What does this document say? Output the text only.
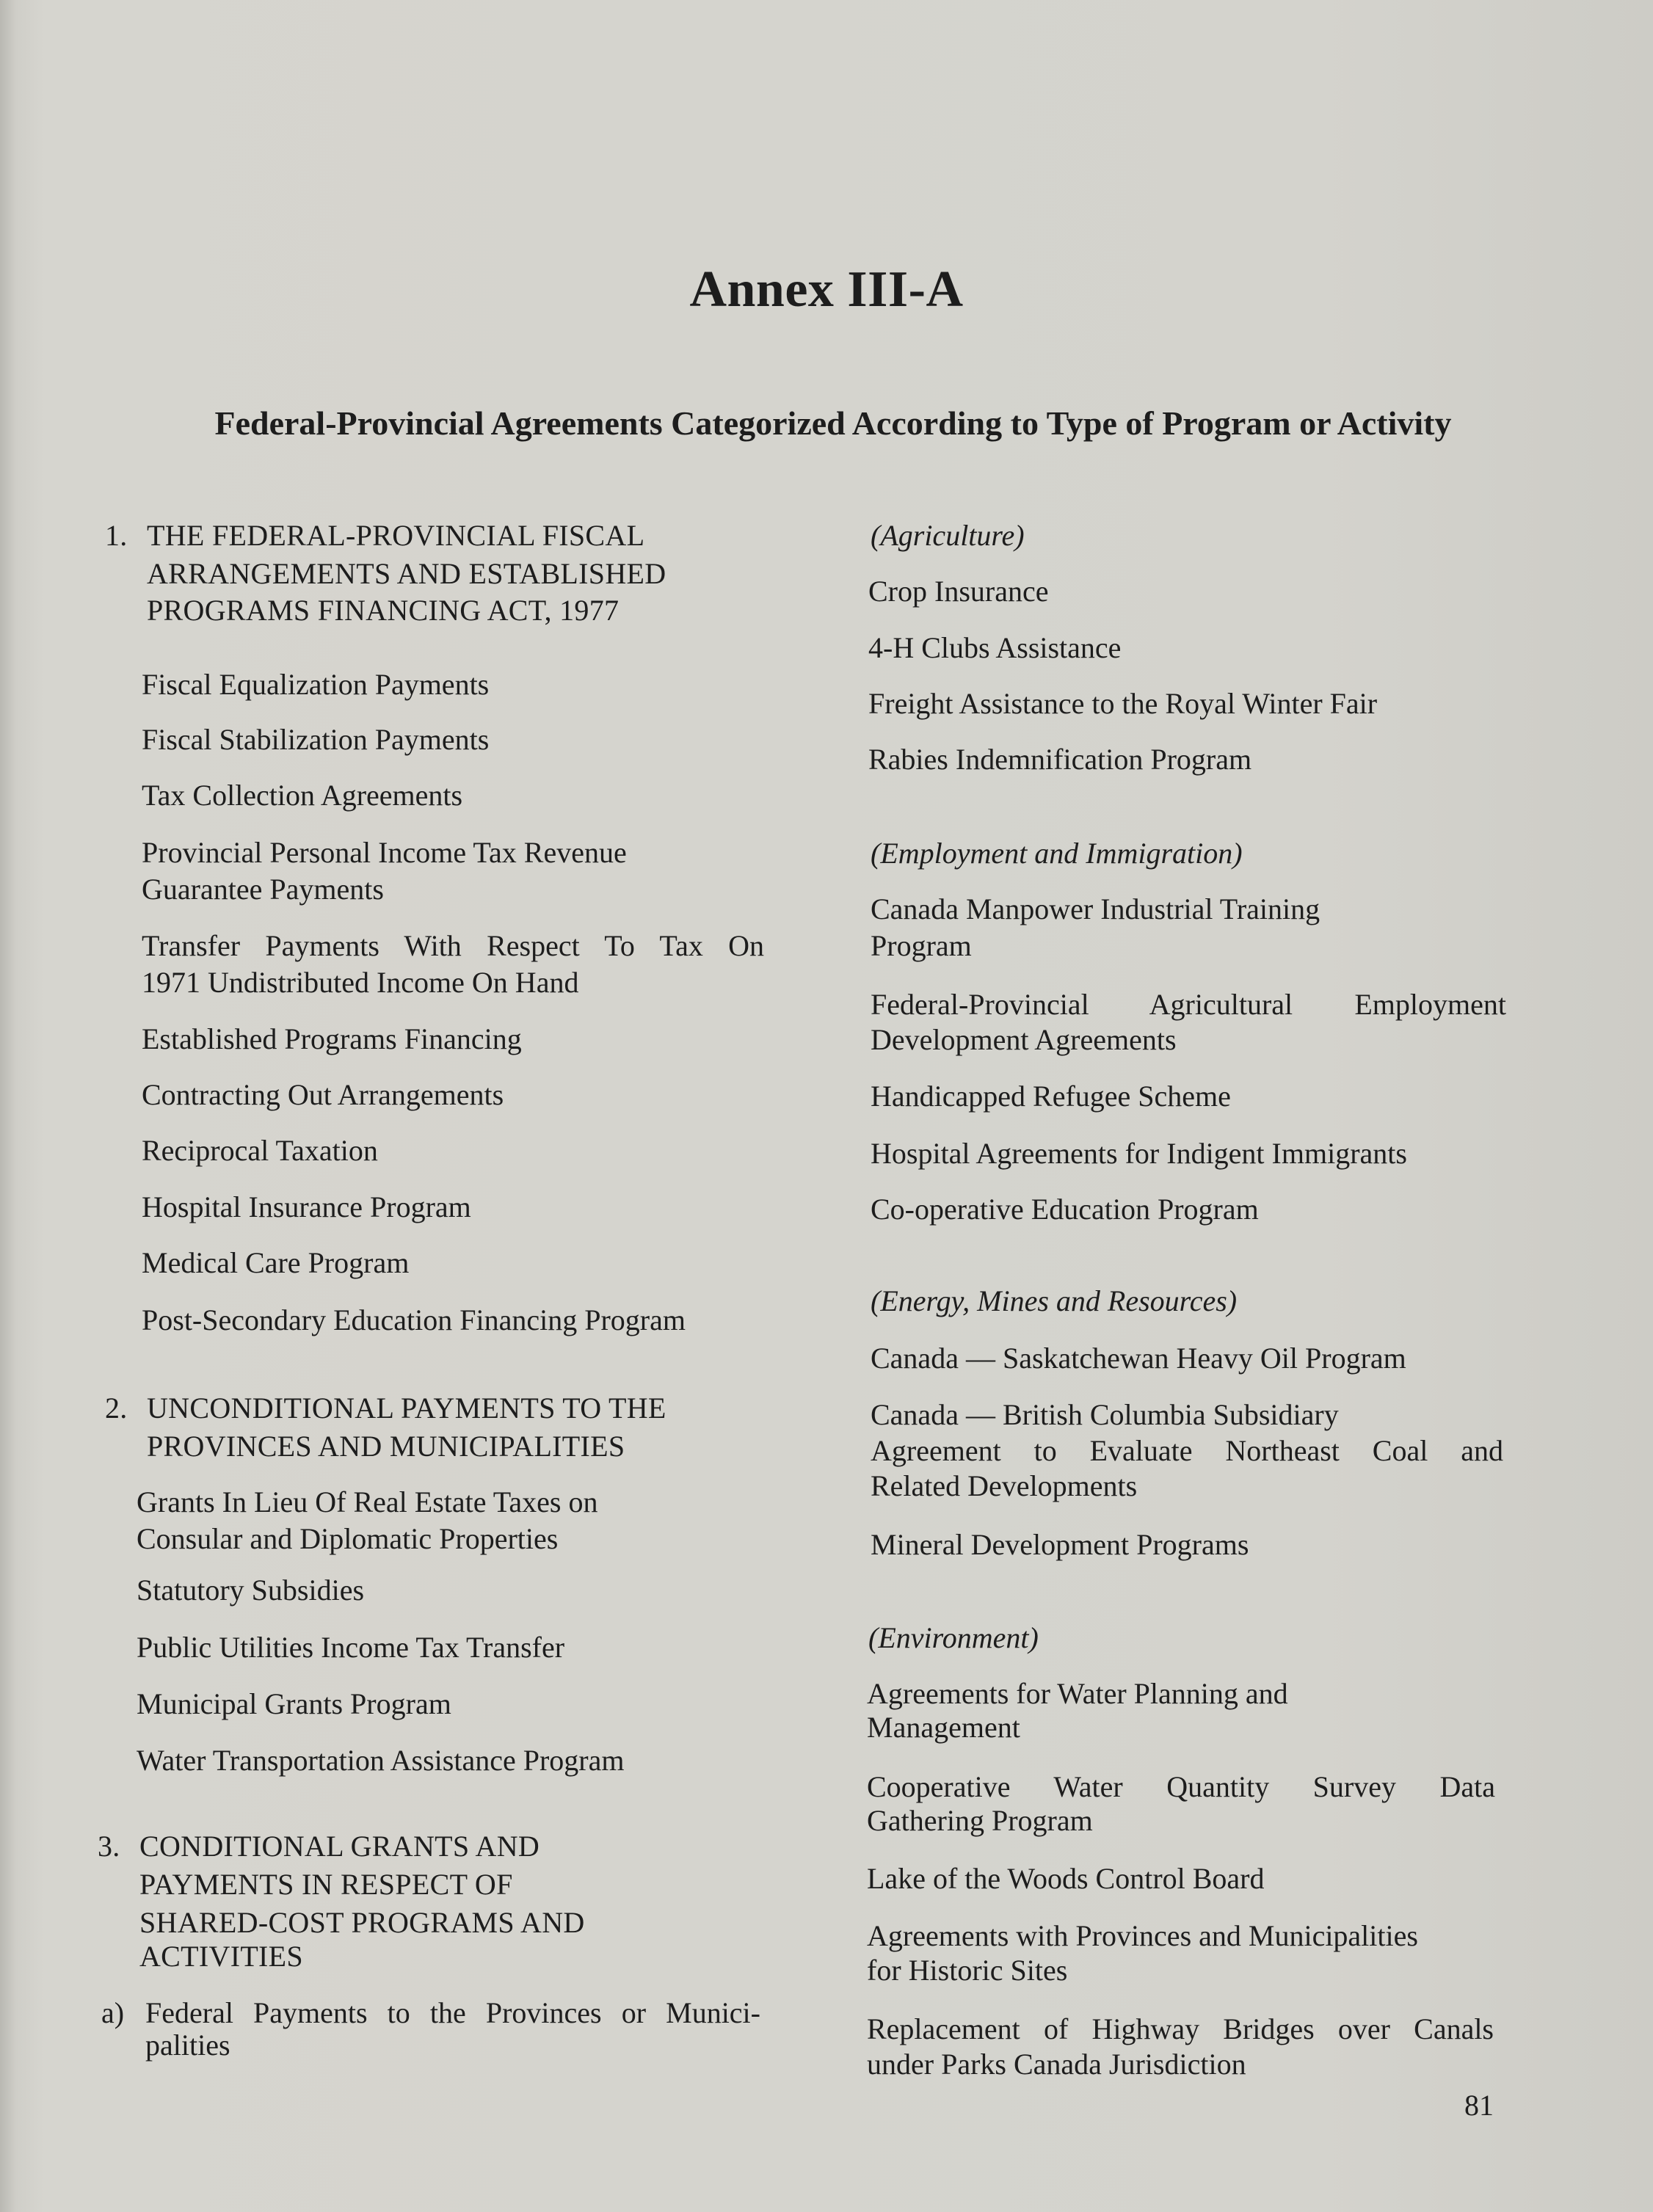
Annex III-A
Federal-Provincial Agreements Categorized According to Type of Program or Activity
1. THE FEDERAL-PROVINCIAL FISCAL
ARRANGEMENTS AND ESTABLISHED
PROGRAMS FINANCING ACT, 1977
Fiscal Equalization Payments
Fiscal Stabilization Payments
Tax Collection Agreements
Provincial Personal Income Tax Revenue
Guarantee Payments
Transfer Payments With Respect To Tax On
1971 Undistributed Income On Hand
Established Programs Financing
Contracting Out Arrangements
Reciprocal Taxation
Hospital Insurance Program
Medical Care Program
Post-Secondary Education Financing Program
2. UNCONDITIONAL PAYMENTS TO THE
PROVINCES AND MUNICIPALITIES
Grants In Lieu Of Real Estate Taxes on
Consular and Diplomatic Properties
Statutory Subsidies
Public Utilities Income Tax Transfer
Municipal Grants Program
Water Transportation Assistance Program
3. CONDITIONAL GRANTS AND
PAYMENTS IN RESPECT OF
SHARED-COST PROGRAMS AND
ACTIVITIES
a) Federal Payments to the Provinces or Munici-
palities
(Agriculture)
Crop Insurance
4-H Clubs Assistance
Freight Assistance to the Royal Winter Fair
Rabies Indemnification Program
(Employment and Immigration)
Canada Manpower Industrial Training
Program
Federal-Provincial Agricultural Employment
Development Agreements
Handicapped Refugee Scheme
Hospital Agreements for Indigent Immigrants
Co-operative Education Program
(Energy, Mines and Resources)
Canada — Saskatchewan Heavy Oil Program
Canada — British Columbia Subsidiary
Agreement to Evaluate Northeast Coal and
Related Developments
Mineral Development Programs
(Environment)
Agreements for Water Planning and
Management
Cooperative Water Quantity Survey Data
Gathering Program
Lake of the Woods Control Board
Agreements with Provinces and Municipalities
for Historic Sites
Replacement of Highway Bridges over Canals
under Parks Canada Jurisdiction
81
